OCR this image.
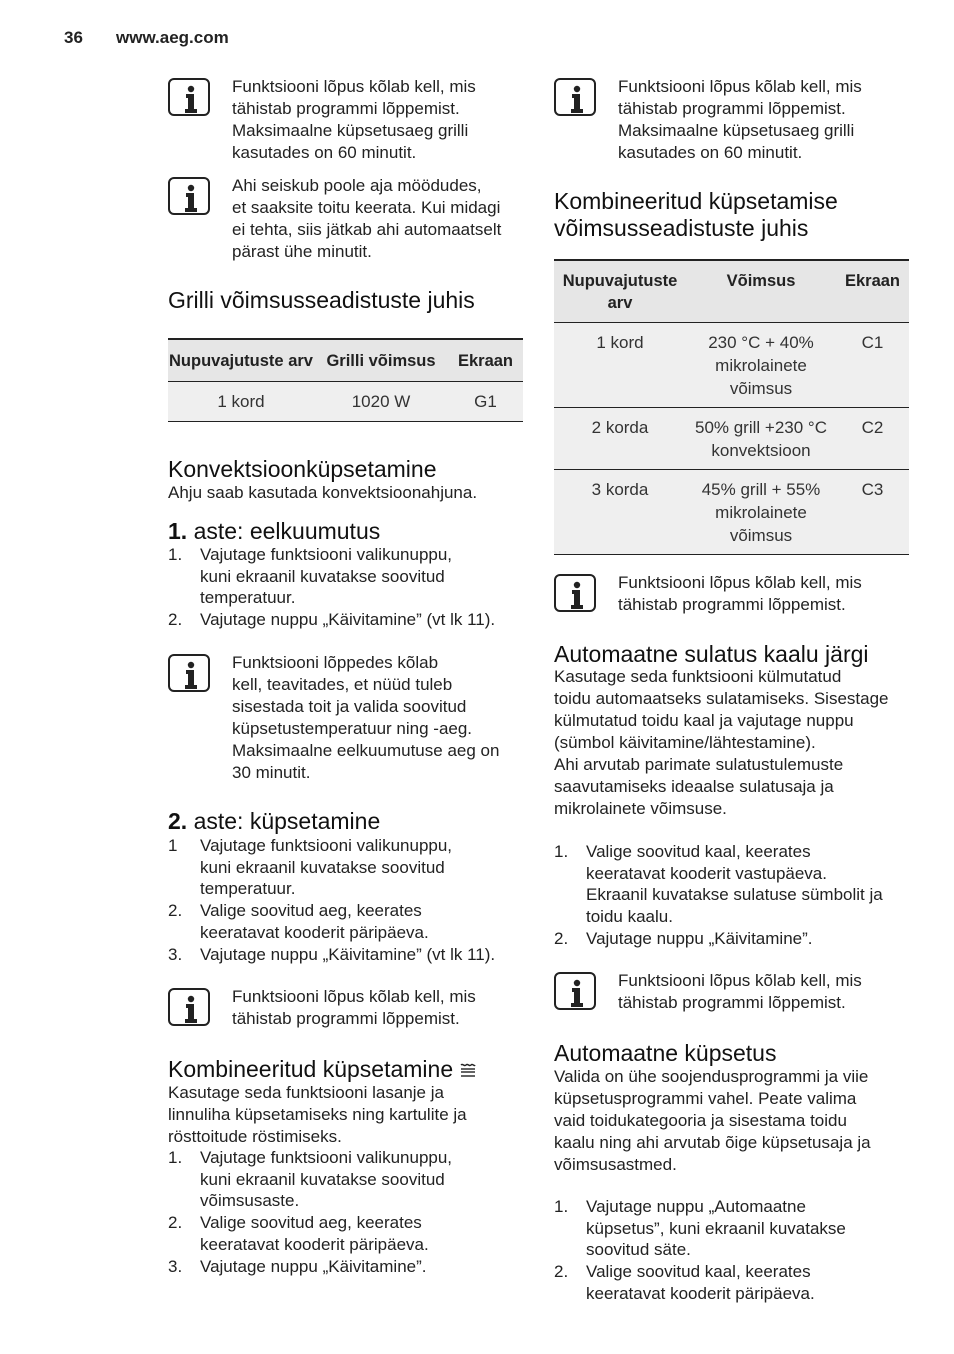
36 www.aeg.com
Funktsiooni lõpus kõlab kell, mis
tähistab programmi lõppemist.
Maksimaalne küpsetusaeg grilli
kasutades on 60 minutit.
Ahi seiskub poole aja möödudes,
et saaksite toitu keerata. Kui midagi
ei tehta, siis jätkab ahi automaatselt
pärast ühe minutit.
Grilli võimsusseadistuste juhis
Nupuvajutuste arv	Grilli võimsus	Ekraan
1 kord	1020 W	G1
Konvektsioonküpsetamine
Ahju saab kasutada konvektsioonahjuna.
1. aste: eelkuumutus
1. Vajutage funktsiooni valikunuppu,
kuni ekraanil kuvatakse soovitud
temperatuur.
2. Vajutage nuppu „Käivitamine” (vt lk 11).
Funktsiooni lõppedes kõlab
kell, teavitades, et nüüd tuleb
sisestada toit ja valida soovitud
küpsetustemperatuur ning -aeg.
Maksimaalne eelkuumutuse aeg on
30 minutit.
2. aste: küpsetamine
1 Vajutage funktsiooni valikunuppu,
kuni ekraanil kuvatakse soovitud
temperatuur.
2. Valige soovitud aeg, keerates
keeratavat kooderit päripäeva.
3. Vajutage nuppu „Käivitamine” (vt lk 11).
Funktsiooni lõpus kõlab kell, mis
tähistab programmi lõppemist.
Kombineeritud küpsetamine
Kasutage seda funktsiooni lasanje ja
linnuliha küpsetamiseks ning kartulite ja
rösttoitude röstimiseks.
1. Vajutage funktsiooni valikunuppu,
kuni ekraanil kuvatakse soovitud
võimsusaste.
2. Valige soovitud aeg, keerates
keeratavat kooderit päripäeva.
3. Vajutage nuppu „Käivitamine”.
Funktsiooni lõpus kõlab kell, mis
tähistab programmi lõppemist.
Maksimaalne küpsetusaeg grilli
kasutades on 60 minutit.
Kombineeritud küpsetamise
võimsusseadistuste juhis
Nupuvajutuste arv	Võimsus	Ekraan
1 kord	230 °C + 40% mikrolainete võimsus	C1
2 korda	50% grill +230 °C konvektsioon	C2
3 korda	45% grill + 55% mikrolainete võimsus	C3
Funktsiooni lõpus kõlab kell, mis
tähistab programmi lõppemist.
Automaatne sulatus kaalu järgi
Kasutage seda funktsiooni külmutatud
toidu automaatseks sulatamiseks. Sisestage
külmutatud toidu kaal ja vajutage nuppu
(sümbol käivitamine/lähtestamine).
Ahi arvutab parimate sulatustulemuste
saavutamiseks ideaalse sulatusaja ja
mikrolainete võimsuse.
1. Valige soovitud kaal, keerates
keeratavat kooderit vastupäeva.
Ekraanil kuvatakse sulatuse sümbolit ja
toidu kaalu.
2. Vajutage nuppu „Käivitamine”.
Funktsiooni lõpus kõlab kell, mis
tähistab programmi lõppemist.
Automaatne küpsetus
Valida on ühe soojendusprogrammi ja viie
küpsetusprogrammi vahel. Peate valima
vaid toidukategooria ja sisestama toidu
kaalu ning ahi arvutab õige küpsetusaja ja
võimsusastmed.
1. Vajutage nuppu „Automaatne
küpsetus”, kuni ekraanil kuvatakse
soovitud säte.
2. Valige soovitud kaal, keerates
keeratavat kooderit päripäeva.
